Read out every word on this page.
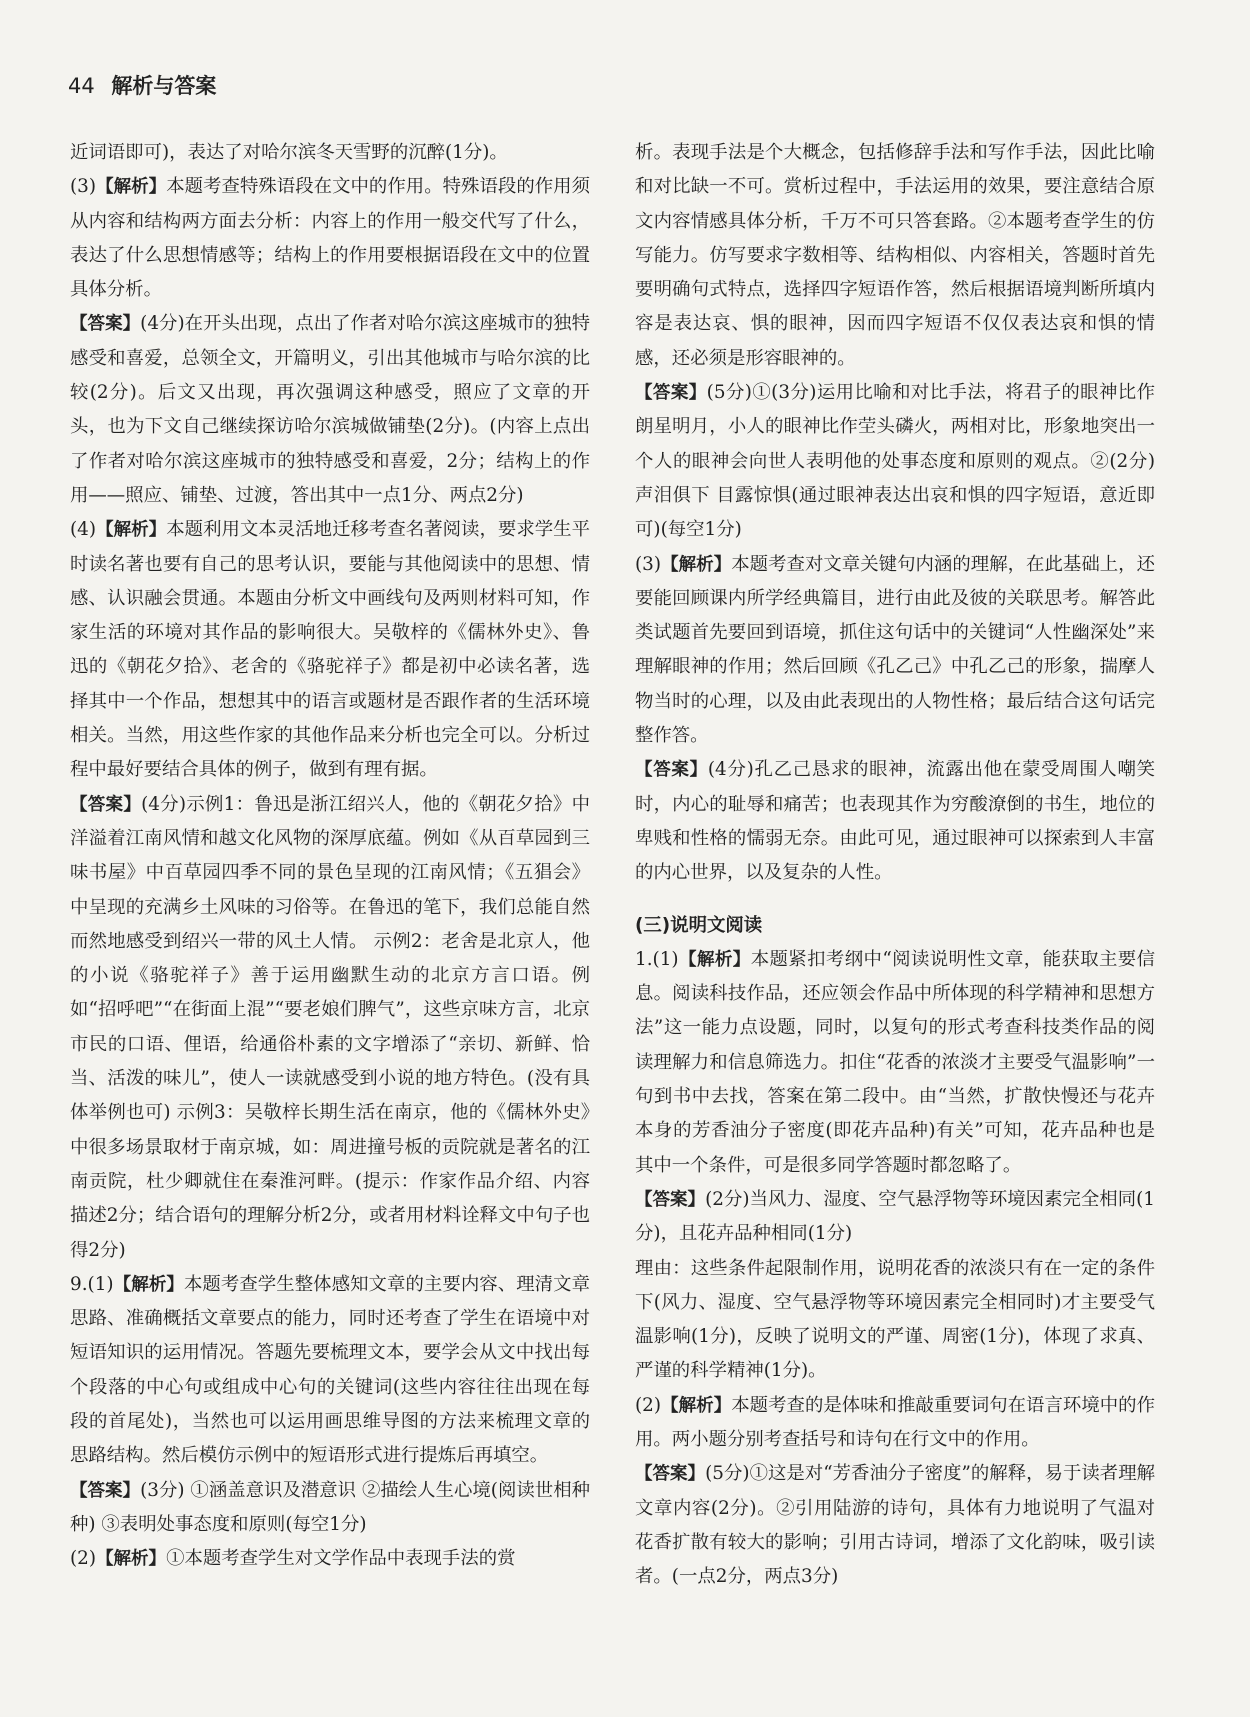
44 解析与答案

近词语即可)，表达了对哈尔滨冬天雪野的沉醉(1分)。

(3)【解析】本题考查特殊语段在文中的作用。特殊语段的作用须从内容和结构两方面去分析：内容上的作用一般交代写了什么，表达了什么思想情感等；结构上的作用要根据语段在文中的位置具体分析。

【答案】(4分)在开头出现，点出了作者对哈尔滨这座城市的独特感受和喜爱，总领全文，开篇明义，引出其他城市与哈尔滨的比较(2分)。后文又出现，再次强调这种感受，照应了文章的开头，也为下文自己继续探访哈尔滨城做铺垫(2分)。(内容上点出了作者对哈尔滨这座城市的独特感受和喜爱，2分；结构上的作用——照应、铺垫、过渡，答出其中一点1分、两点2分)

(4)【解析】本题利用文本灵活地迁移考查名著阅读，要求学生平时读名著也要有自己的思考认识，要能与其他阅读中的思想、情感、认识融会贯通。本题由分析文中画线句及两则材料可知，作家生活的环境对其作品的影响很大。吴敬梓的《儒林外史》、鲁迅的《朝花夕拾》、老舍的《骆驼祥子》都是初中必读名著，选择其中一个作品，想想其中的语言或题材是否跟作者的生活环境相关。当然，用这些作家的其他作品来分析也完全可以。分析过程中最好要结合具体的例子，做到有理有据。

【答案】(4分)示例1：鲁迅是浙江绍兴人，他的《朝花夕拾》中洋溢着江南风情和越文化风物的深厚底蕴。例如《从百草园到三味书屋》中百草园四季不同的景色呈现的江南风情；《五猖会》中呈现的充满乡土风味的习俗等。在鲁迅的笔下，我们总能自然而然地感受到绍兴一带的风土人情。 示例2：老舍是北京人，他的小说《骆驼祥子》善于运用幽默生动的北京方言口语。例如“招呼吧”“在街面上混”“要老娘们脾气”，这些京味方言，北京市民的口语、俚语，给通俗朴素的文字增添了“亲切、新鲜、恰当、活泼的味儿”，使人一读就感受到小说的地方特色。(没有具体举例也可) 示例3：吴敬梓长期生活在南京，他的《儒林外史》中很多场景取材于南京城，如：周进撞号板的贡院就是著名的江南贡院，杜少卿就住在秦淮河畔。(提示：作家作品介绍、内容描述2分；结合语句的理解分析2分，或者用材料诠释文中句子也得2分)

9.(1)【解析】本题考查学生整体感知文章的主要内容、理清文章思路、准确概括文章要点的能力，同时还考查了学生在语境中对短语知识的运用情况。答题先要梳理文本，要学会从文中找出每个段落的中心句或组成中心句的关键词(这些内容往往出现在每段的首尾处)，当然也可以运用画思维导图的方法来梳理文章的思路结构。然后模仿示例中的短语形式进行提炼后再填空。

【答案】(3分) ①涵盖意识及潜意识 ②描绘人生心境(阅读世相种种) ③表明处事态度和原则(每空1分)

(2)【解析】①本题考查学生对文学作品中表现手法的赏

析。表现手法是个大概念，包括修辞手法和写作手法，因此比喻和对比缺一不可。赏析过程中，手法运用的效果，要注意结合原文内容情感具体分析，千万不可只答套路。②本题考查学生的仿写能力。仿写要求字数相等、结构相似、内容相关，答题时首先要明确句式特点，选择四字短语作答，然后根据语境判断所填内容是表达哀、惧的眼神，因而四字短语不仅仅表达哀和惧的情感，还必须是形容眼神的。

【答案】(5分)①(3分)运用比喻和对比手法，将君子的眼神比作朗星明月，小人的眼神比作茔头磷火，两相对比，形象地突出一个人的眼神会向世人表明他的处事态度和原则的观点。②(2分)声泪俱下 目露惊惧(通过眼神表达出哀和惧的四字短语，意近即可)(每空1分)

(3)【解析】本题考查对文章关键句内涵的理解，在此基础上，还要能回顾课内所学经典篇目，进行由此及彼的关联思考。解答此类试题首先要回到语境，抓住这句话中的关键词“人性幽深处”来理解眼神的作用；然后回顾《孔乙己》中孔乙己的形象，揣摩人物当时的心理，以及由此表现出的人物性格；最后结合这句话完整作答。

【答案】(4分)孔乙己恳求的眼神，流露出他在蒙受周围人嘲笑时，内心的耻辱和痛苦；也表现其作为穷酸潦倒的书生，地位的卑贱和性格的懦弱无奈。由此可见，通过眼神可以探索到人丰富的内心世界，以及复杂的人性。

(三)说明文阅读

1.(1)【解析】本题紧扣考纲中“阅读说明性文章，能获取主要信息。阅读科技作品，还应领会作品中所体现的科学精神和思想方法”这一能力点设题，同时，以复句的形式考查科技类作品的阅读理解力和信息筛选力。扣住“花香的浓淡才主要受气温影响”一句到书中去找，答案在第二段中。由“当然，扩散快慢还与花卉本身的芳香油分子密度(即花卉品种)有关”可知，花卉品种也是其中一个条件，可是很多同学答题时都忽略了。

【答案】(2分)当风力、湿度、空气悬浮物等环境因素完全相同(1分)，且花卉品种相同(1分)

理由：这些条件起限制作用，说明花香的浓淡只有在一定的条件下(风力、湿度、空气悬浮物等环境因素完全相同时)才主要受气温影响(1分)，反映了说明文的严谨、周密(1分)，体现了求真、严谨的科学精神(1分)。

(2)【解析】本题考查的是体味和推敲重要词句在语言环境中的作用。两小题分别考查括号和诗句在行文中的作用。

【答案】(5分)①这是对“芳香油分子密度”的解释，易于读者理解文章内容(2分)。②引用陆游的诗句，具体有力地说明了气温对花香扩散有较大的影响；引用古诗词，增添了文化韵味，吸引读者。(一点2分，两点3分)
